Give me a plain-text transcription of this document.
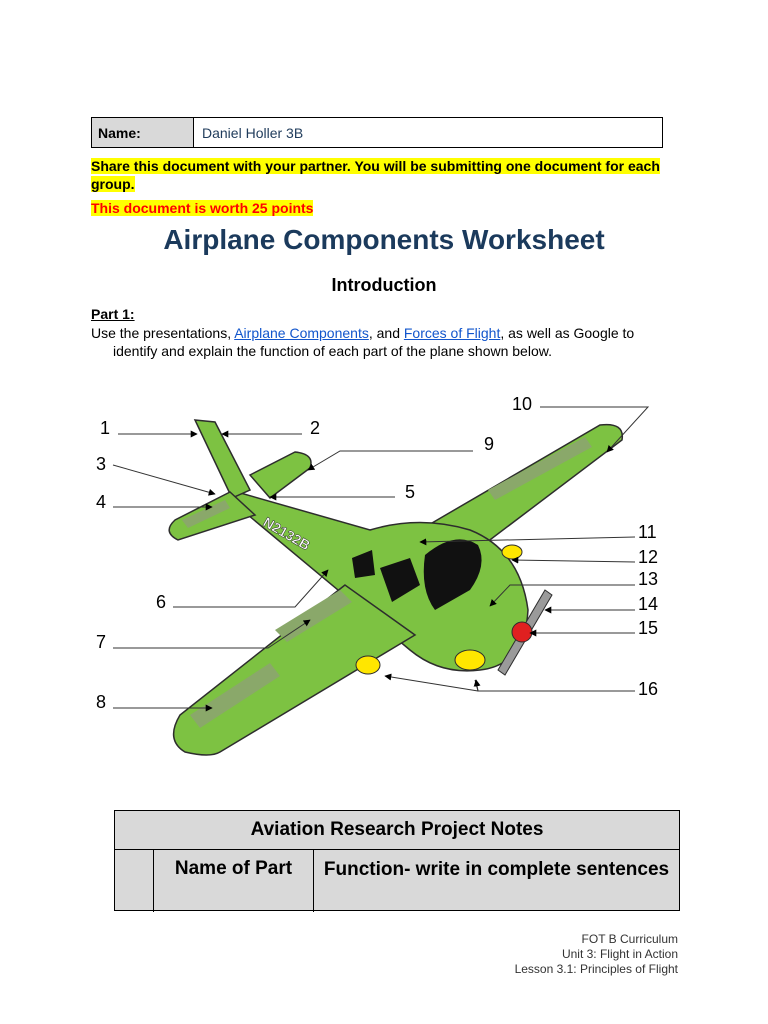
Name:	Daniel Holler 3B
Share this document with your partner. You will be submitting one document for each group.
This document is worth 25 points
Airplane Components Worksheet
Introduction
Part 1:
Use the presentations, Airplane Components, and Forces of Flight, as well as Google to
identify and explain the function of each part of the plane shown below.
N2132B
1	2
3
4	5
6
7
8
9
10
11
12
13
14
15
16
Aviation Research Project Notes
Name of Part	Function- write in complete sentences
FOT B Curriculum
Unit 3: Flight in Action
Lesson 3.1: Principles of Flight
